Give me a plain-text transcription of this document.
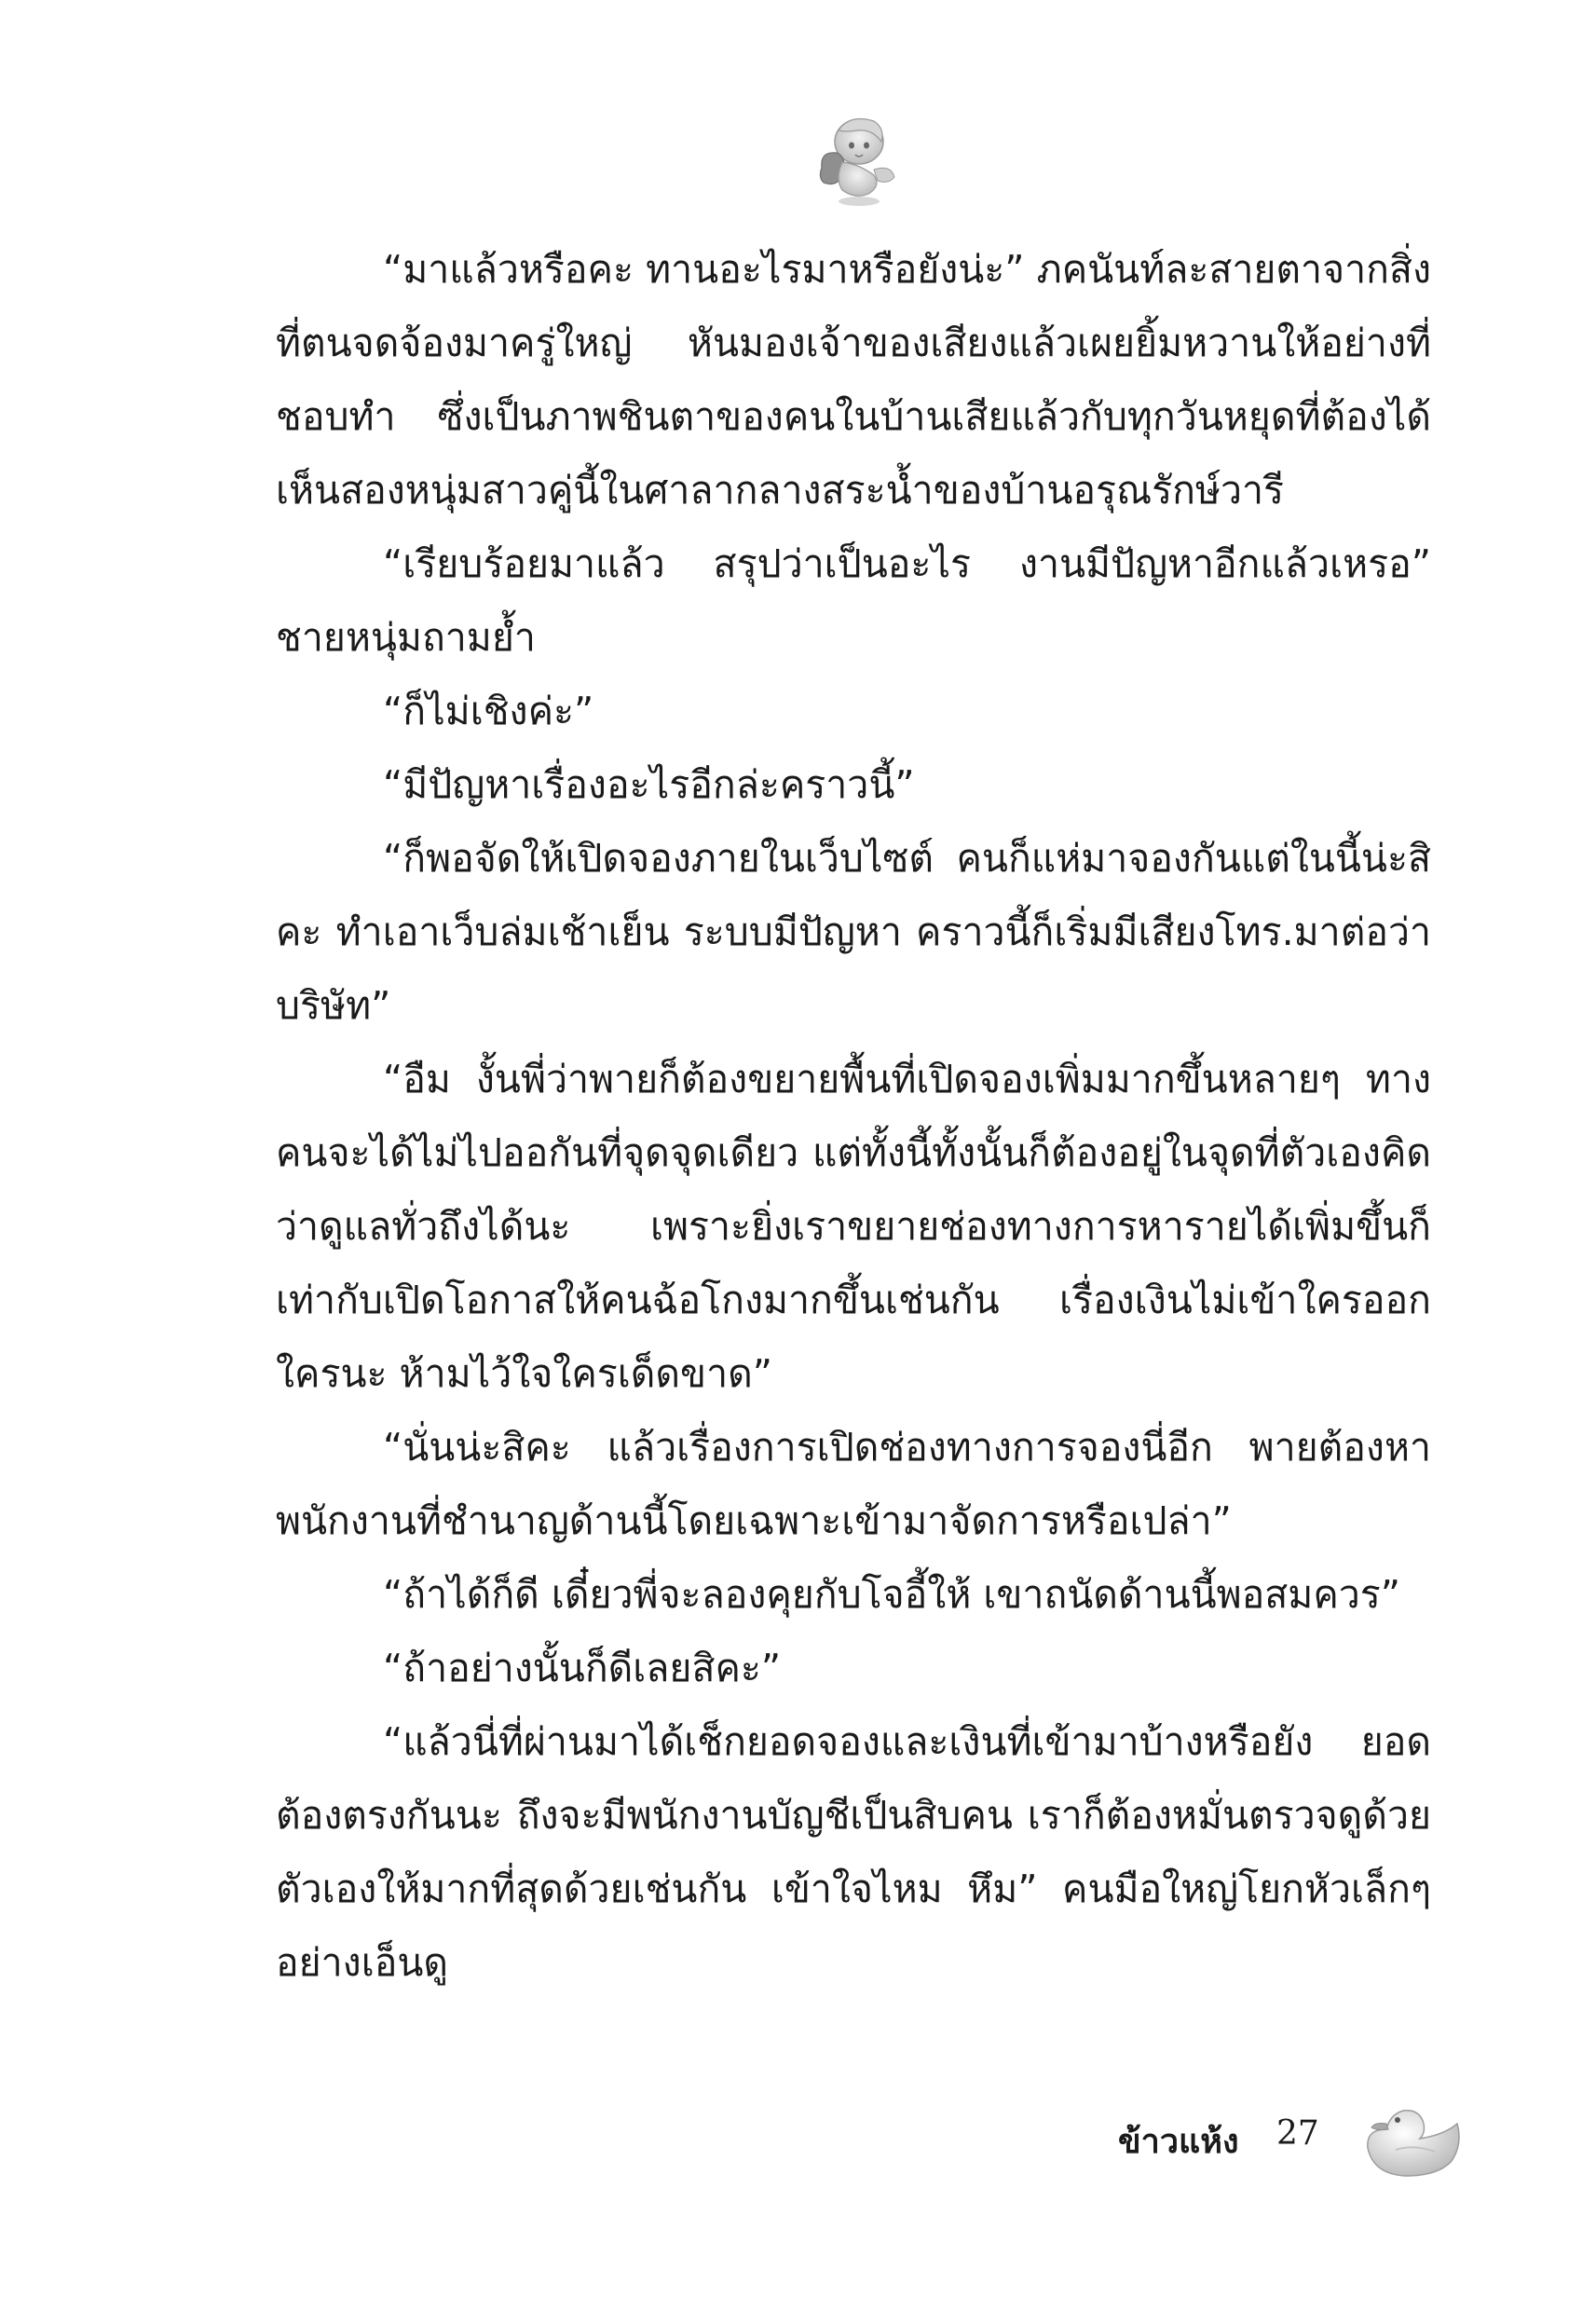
“มาแล้วหรือคะ ทานอะไรมาหรือยังน่ะ” ภคนันท์ละสายตาจากสิ่งที่ตนจดจ้องมาครู่ใหญ่ หันมองเจ้าของเสียงแล้วเผยยิ้มหวานให้อย่างที่ชอบทำ ซึ่งเป็นภาพชินตาของคนในบ้านเสียแล้วกับทุกวันหยุดที่ต้องได้เห็นสองหนุ่มสาวคู่นี้ในศาลากลางสระน้ำของบ้านอรุณรักษ์วารี

“เรียบร้อยมาแล้ว สรุปว่าเป็นอะไร งานมีปัญหาอีกแล้วเหรอ” ชายหนุ่มถามย้ำ

“ก็ไม่เชิงค่ะ”

“มีปัญหาเรื่องอะไรอีกล่ะคราวนี้”

“ก็พอจัดให้เปิดจองภายในเว็บไซต์ คนก็แห่มาจองกันแต่ในนี้น่ะสิคะ ทำเอาเว็บล่มเช้าเย็น ระบบมีปัญหา คราวนี้ก็เริ่มมีเสียงโทร.มาต่อว่าบริษัท”

“อืม งั้นพี่ว่าพายก็ต้องขยายพื้นที่เปิดจองเพิ่มมากขึ้นหลายๆ ทาง คนจะได้ไม่ไปออกันที่จุดจุดเดียว แต่ทั้งนี้ทั้งนั้นก็ต้องอยู่ในจุดที่ตัวเองคิดว่าดูแลทั่วถึงได้นะ เพราะยิ่งเราขยายช่องทางการหารายได้เพิ่มขึ้นก็เท่ากับเปิดโอกาสให้คนฉ้อโกงมากขึ้นเช่นกัน เรื่องเงินไม่เข้าใครออกใครนะ ห้ามไว้ใจใครเด็ดขาด”

“นั่นน่ะสิคะ แล้วเรื่องการเปิดช่องทางการจองนี่อีก พายต้องหาพนักงานที่ชำนาญด้านนี้โดยเฉพาะเข้ามาจัดการหรือเปล่า”

“ถ้าได้ก็ดี เดี๋ยวพี่จะลองคุยกับโจอี้ให้ เขาถนัดด้านนี้พอสมควร”

“ถ้าอย่างนั้นก็ดีเลยสิคะ”

“แล้วนี่ที่ผ่านมาได้เช็กยอดจองและเงินที่เข้ามาบ้างหรือยัง ยอดต้องตรงกันนะ ถึงจะมีพนักงานบัญชีเป็นสิบคน เราก็ต้องหมั่นตรวจดูด้วยตัวเองให้มากที่สุดด้วยเช่นกัน เข้าใจไหม หึม” คนมือใหญ่โยกหัวเล็กๆ อย่างเอ็นดู

ข้าวแห้ง 27
